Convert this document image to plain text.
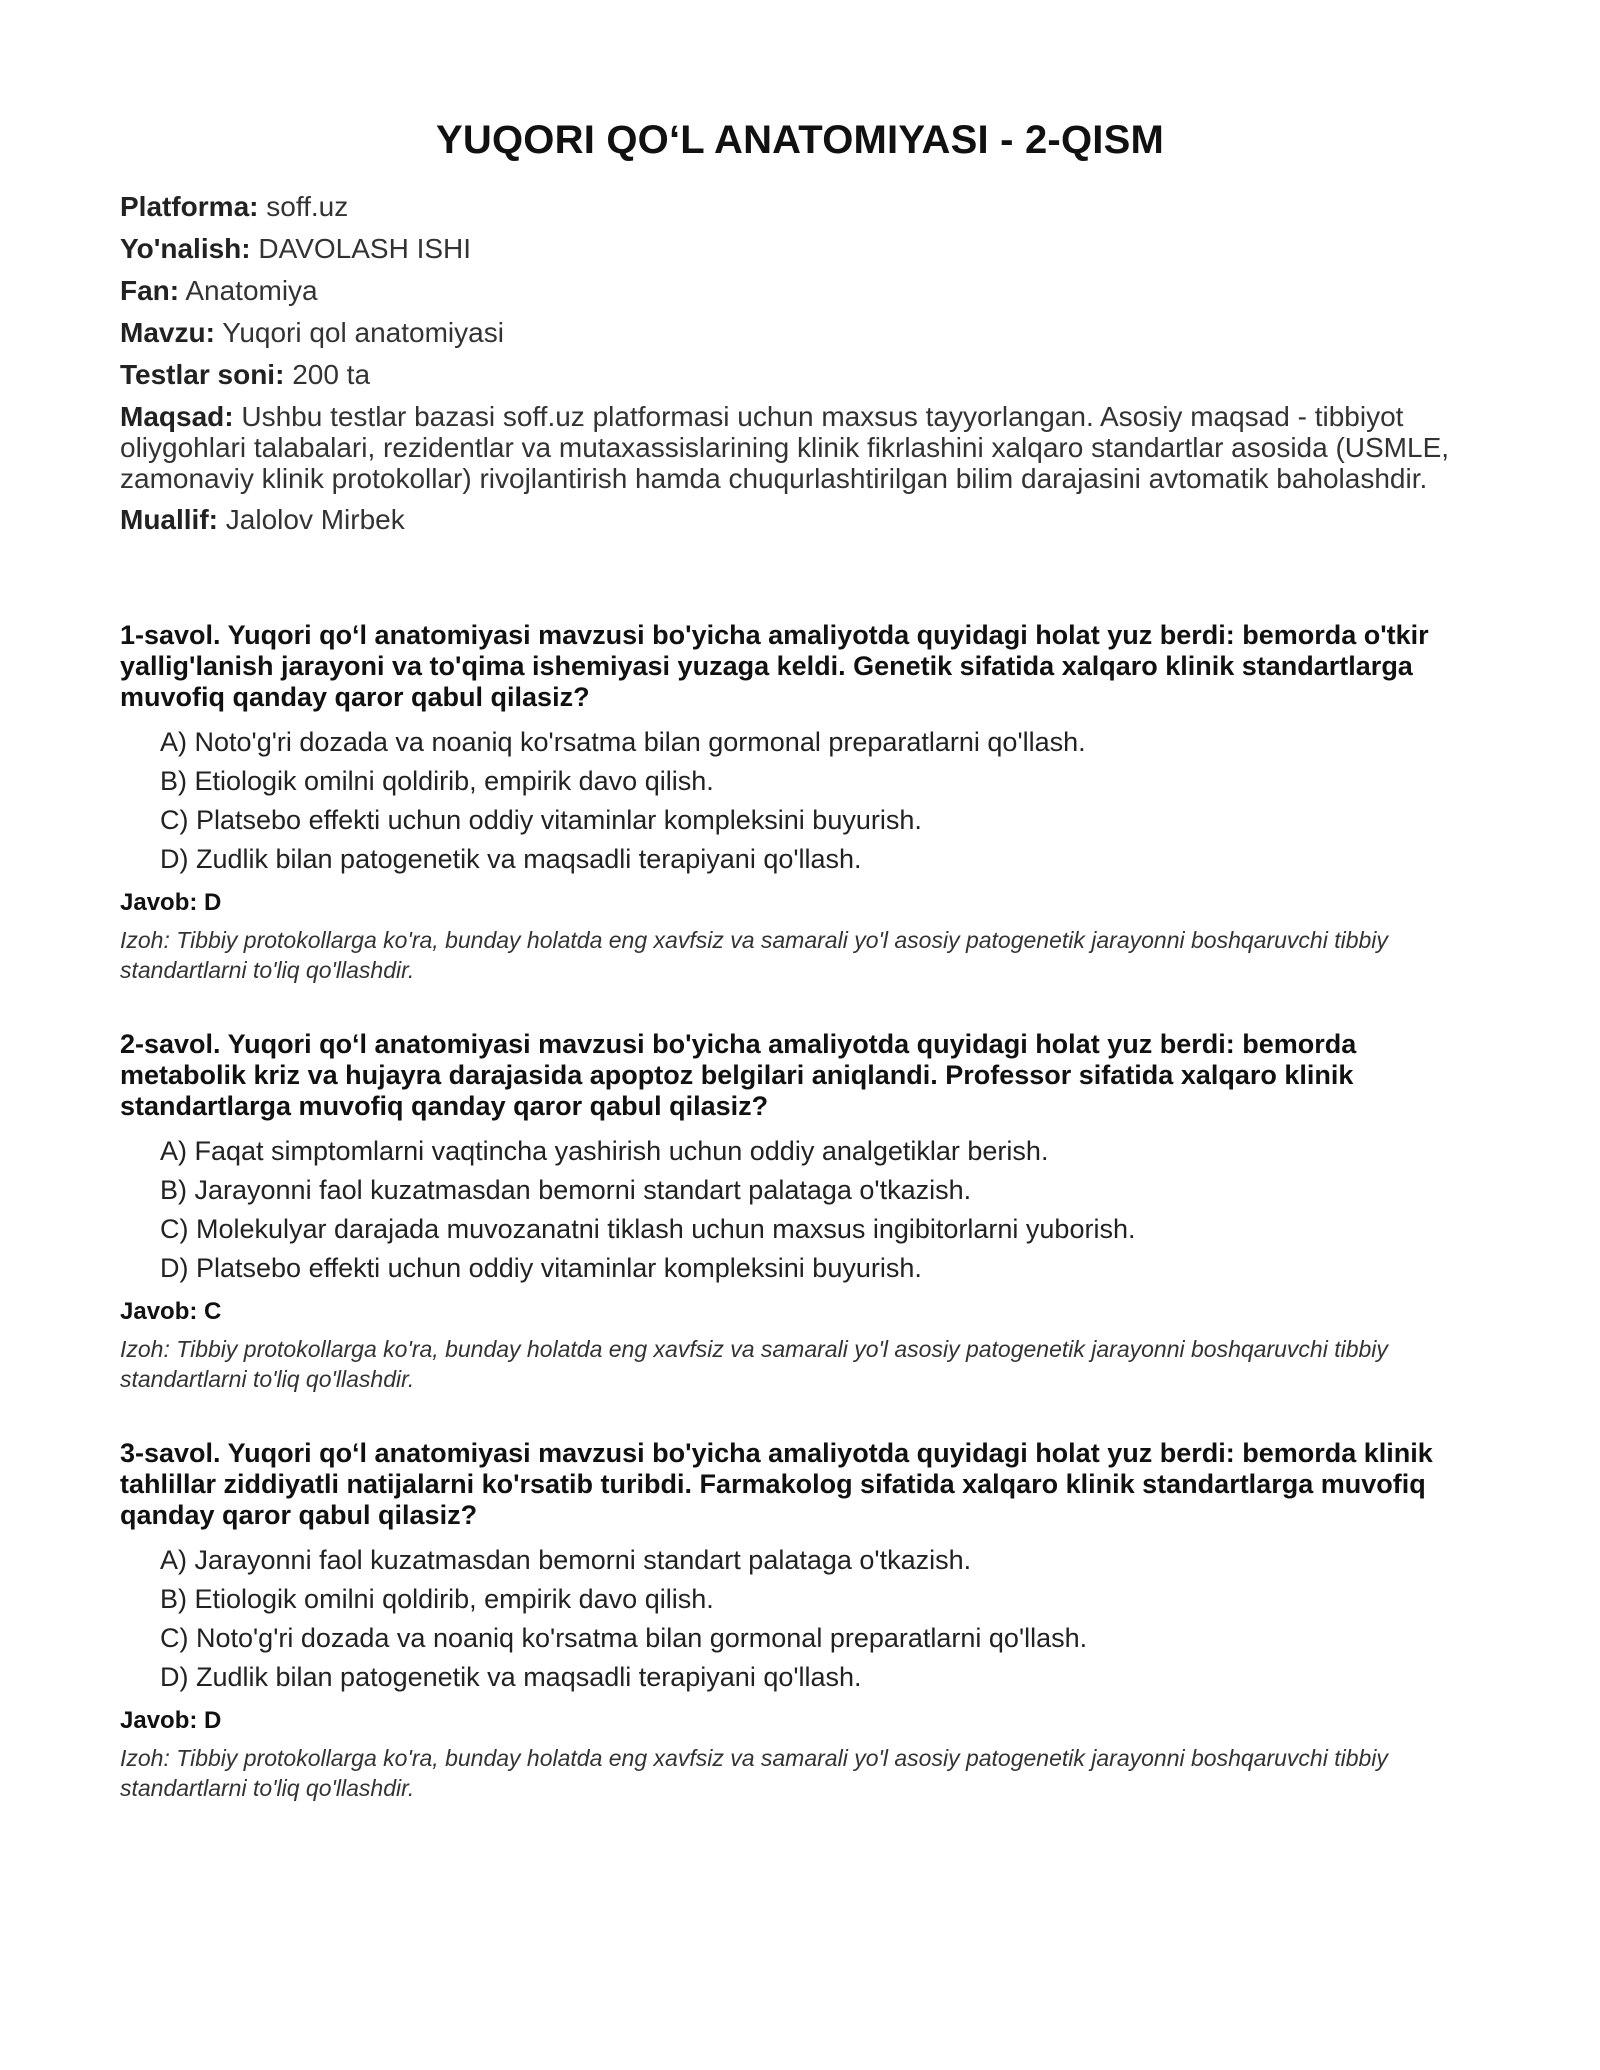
YUQORI QO‘L ANATOMIYASI - 2-QISM

Platforma: soff.uz

Yo'nalish: DAVOLASH ISHI

Fan: Anatomiya

Mavzu: Yuqori qol anatomiyasi

Testlar soni: 200 ta

Maqsad: Ushbu testlar bazasi soff.uz platformasi uchun maxsus tayyorlangan. Asosiy maqsad - tibbiyot oliygohlari talabalari, rezidentlar va mutaxassislarining klinik fikrlashini xalqaro standartlar asosida (USMLE, zamonaviy klinik protokollar) rivojlantirish hamda chuqurlashtirilgan bilim darajasini avtomatik baholashdir.

Muallif: Jalolov Mirbek

1-savol. Yuqori qo‘l anatomiyasi mavzusi bo'yicha amaliyotda quyidagi holat yuz berdi: bemorda o'tkir yallig'lanish jarayoni va to'qima ishemiyasi yuzaga keldi. Genetik sifatida xalqaro klinik standartlarga muvofiq qanday qaror qabul qilasiz?

A) Noto'g'ri dozada va noaniq ko'rsatma bilan gormonal preparatlarni qo'llash.
B) Etiologik omilni qoldirib, empirik davo qilish.
C) Platsebo effekti uchun oddiy vitaminlar kompleksini buyurish.
D) Zudlik bilan patogenetik va maqsadli terapiyani qo'llash.

Javob: D

Izoh: Tibbiy protokollarga ko'ra, bunday holatda eng xavfsiz va samarali yo'l asosiy patogenetik jarayonni boshqaruvchi tibbiy standartlarni to'liq qo'llashdir.

2-savol. Yuqori qo‘l anatomiyasi mavzusi bo'yicha amaliyotda quyidagi holat yuz berdi: bemorda metabolik kriz va hujayra darajasida apoptoz belgilari aniqlandi. Professor sifatida xalqaro klinik standartlarga muvofiq qanday qaror qabul qilasiz?

A) Faqat simptomlarni vaqtincha yashirish uchun oddiy analgetiklar berish.
B) Jarayonni faol kuzatmasdan bemorni standart palataga o'tkazish.
C) Molekulyar darajada muvozanatni tiklash uchun maxsus ingibitorlarni yuborish.
D) Platsebo effekti uchun oddiy vitaminlar kompleksini buyurish.

Javob: C

Izoh: Tibbiy protokollarga ko'ra, bunday holatda eng xavfsiz va samarali yo'l asosiy patogenetik jarayonni boshqaruvchi tibbiy standartlarni to'liq qo'llashdir.

3-savol. Yuqori qo‘l anatomiyasi mavzusi bo'yicha amaliyotda quyidagi holat yuz berdi: bemorda klinik tahlillar ziddiyatli natijalarni ko'rsatib turibdi. Farmakolog sifatida xalqaro klinik standartlarga muvofiq qanday qaror qabul qilasiz?

A) Jarayonni faol kuzatmasdan bemorni standart palataga o'tkazish.
B) Etiologik omilni qoldirib, empirik davo qilish.
C) Noto'g'ri dozada va noaniq ko'rsatma bilan gormonal preparatlarni qo'llash.
D) Zudlik bilan patogenetik va maqsadli terapiyani qo'llash.

Javob: D

Izoh: Tibbiy protokollarga ko'ra, bunday holatda eng xavfsiz va samarali yo'l asosiy patogenetik jarayonni boshqaruvchi tibbiy standartlarni to'liq qo'llashdir.
